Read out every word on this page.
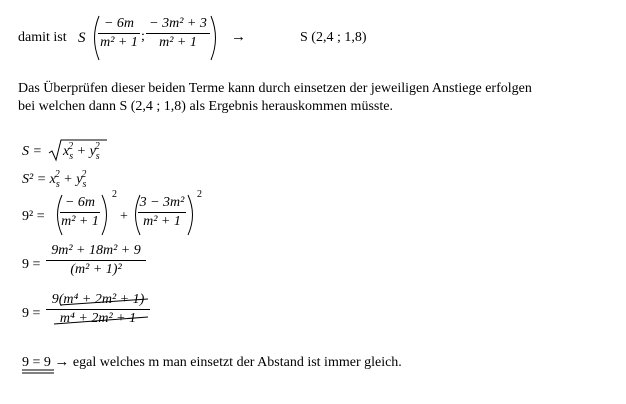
damit ist S
− 6m
m² + 1 ;
− 3m² + 3
m² + 1	→	S (2,4 ; 1,8)
Das Überprüfen dieser beiden Terme kann durch einsetzen der jeweiligen Anstiege erfolgen
bei welchen dann S (2,4 ; 1,8) als Ergebnis herauskommen müsste.
$S = x_s^2 + y_s^2$
$S^2 = x_s^2 + y_s^2$
9² =
− 6m
m² + 1
2
+
3 − 3m²
m² + 1
2
9 =
9m² + 18m² + 9
(m² + 1)²
9 =
9(m⁴ + 2m² + 1)
m⁴ + 2m² + 1
9 = 9 → egal welches m man einsetzt der Abstand ist immer gleich.
